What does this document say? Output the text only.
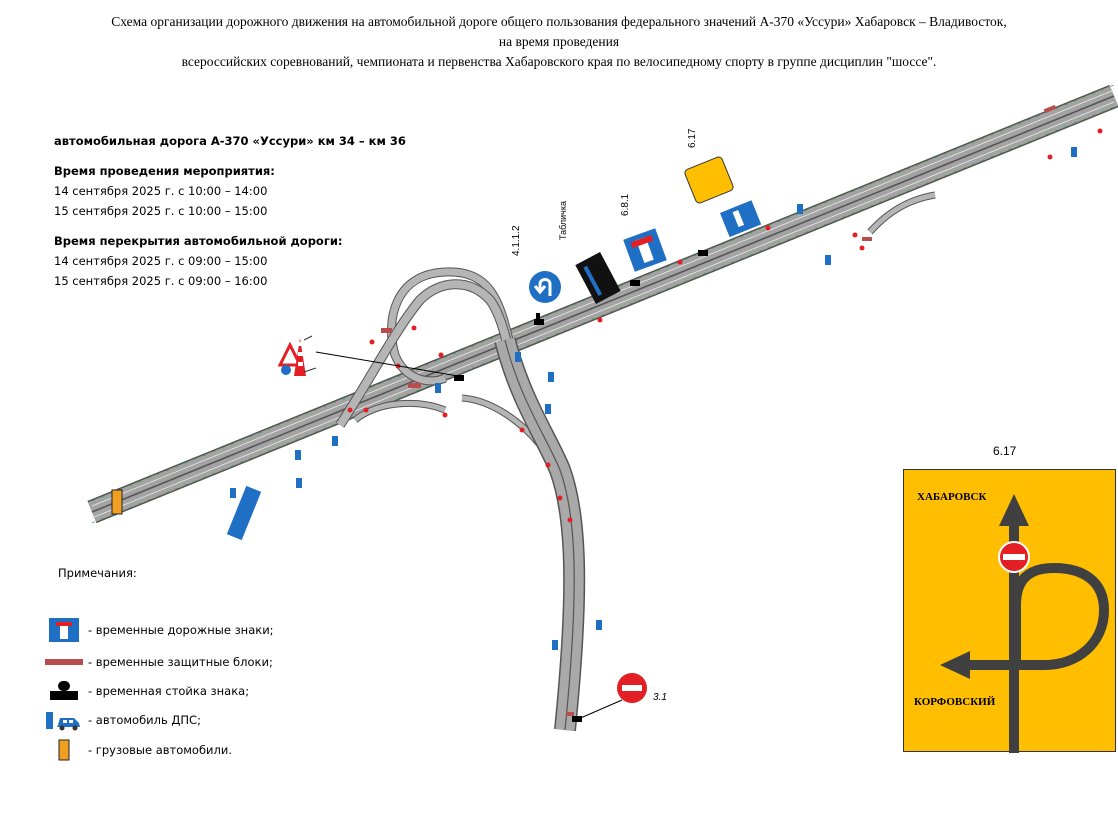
Схема организации дорожного движения на автомобильной дороге общего пользования федерального значений А-370 «Уссури» Хабаровск – Владивосток,
на время проведения
всероссийских соревнований, чемпионата и первенства Хабаровского края по велосипедному спорту в группе дисциплин "шоссе".
автомобильная дорога А-370 «Уссури» км 34 – км 36
Время проведения мероприятия:
14 сентября 2025 г. с 10:00 – 14:00
15 сентября 2025 г. с 10:00 – 15:00
Время перекрытия автомобильной дороги:
14 сентября 2025 г. с 09:00 – 15:00
15 сентября 2025 г. с 09:00 – 16:00
4.1.1.2
Табличка	6.8.1
6.17
3.1
Примечания:
- временные дорожные знаки;
- временные защитные блоки;
- временная стойка знака;
- автомобиль ДПС;
- грузовые автомобили.
6.17
ХАБАРОВСК
КОРФОВСКИЙ
